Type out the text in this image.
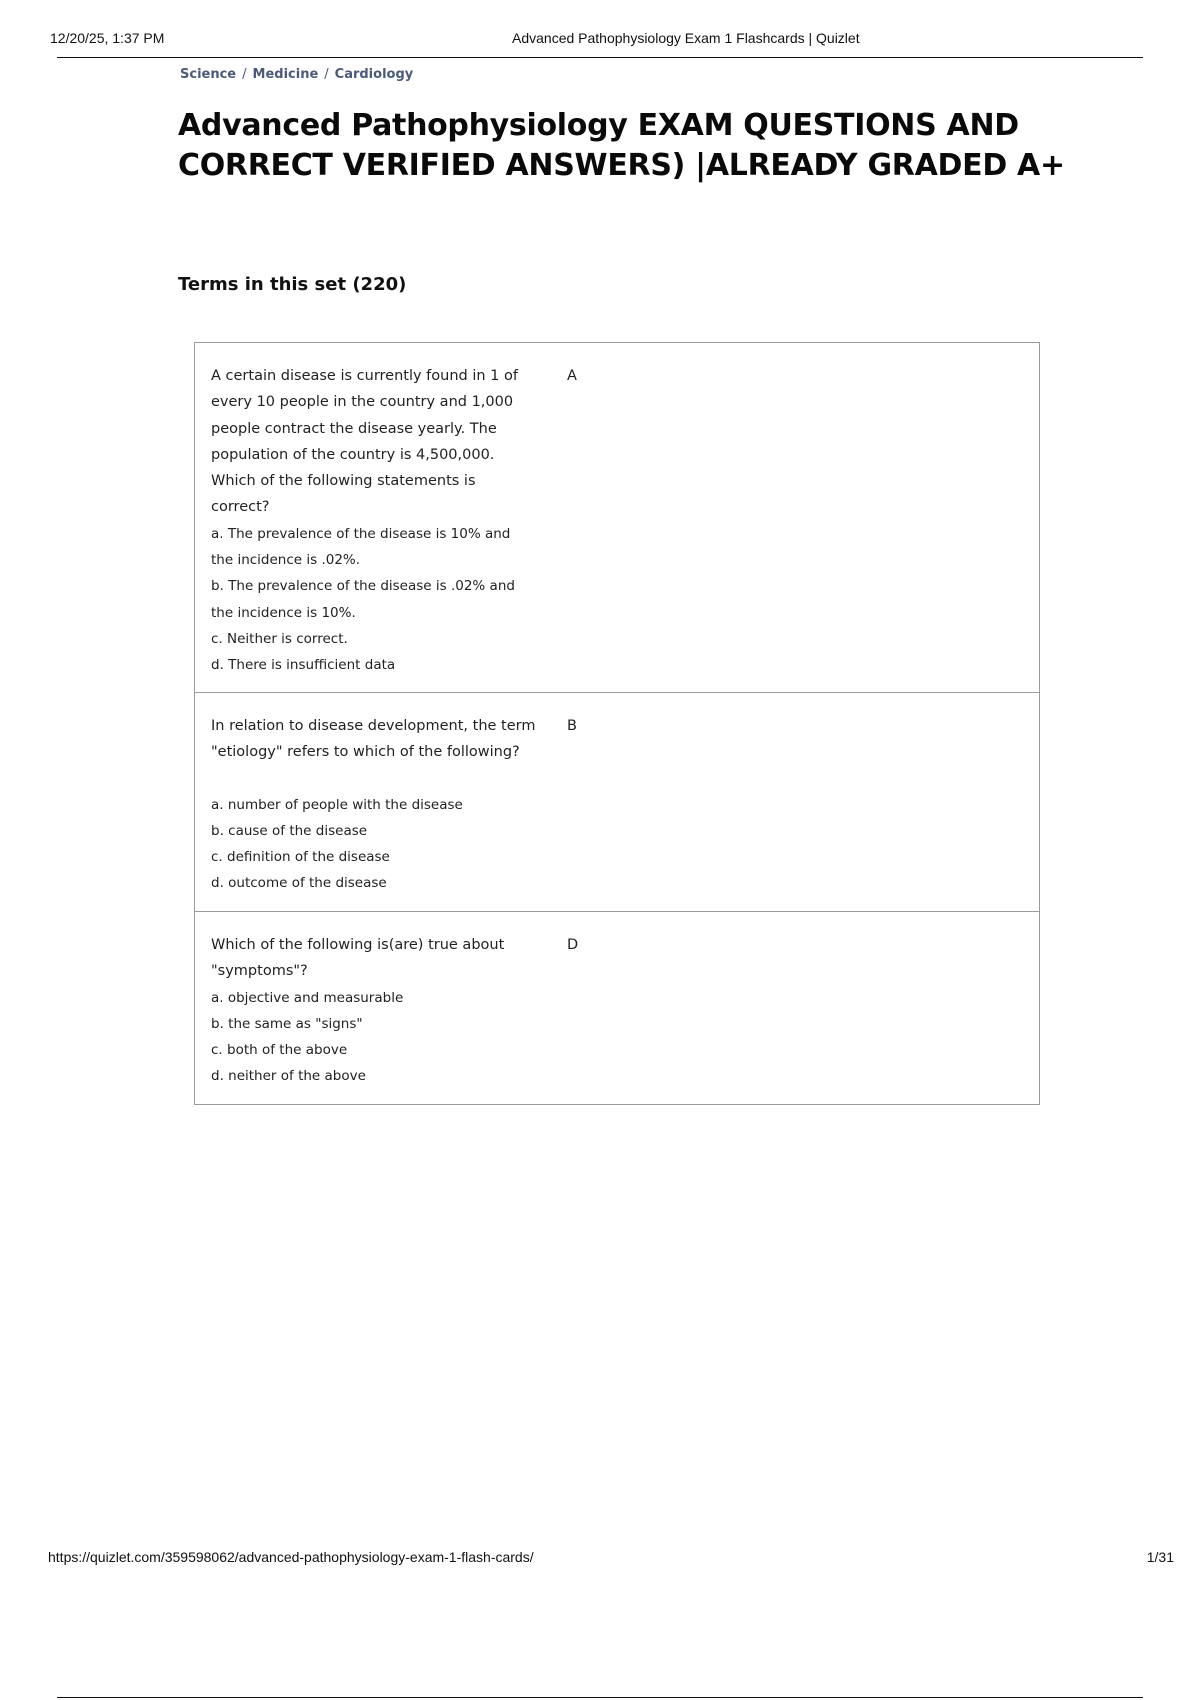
12/20/25, 1:37 PM	Advanced Pathophysiology Exam 1 Flashcards | Quizlet
Science / Medicine / Cardiology
Advanced Pathophysiology EXAM QUESTIONS AND CORRECT VERIFIED ANSWERS) |ALREADY GRADED A+
Terms in this set (220)

A certain disease is currently found in 1 of

every 10 people in the country and 1,000

people contract the disease yearly. The

population of the country is 4,500,000.

Which of the following statements is

correct?

a. The prevalence of the disease is 10% and
the incidence is .02%.
b. The prevalence of the disease is .02% and
the incidence is 10%.
c. Neither is correct.
d. There is insufficient data
A

In relation to disease development, the term

"etiology" refers to which of the following?

a. number of people with the disease
b. cause of the disease
c. definition of the disease
d. outcome of the disease
B

Which of the following is(are) true about

"symptoms"?

a. objective and measurable
b. the same as "signs"
c. both of the above
d. neither of the above
D
https://quizlet.com/359598062/advanced-pathophysiology-exam-1-flash-cards/	1/31
